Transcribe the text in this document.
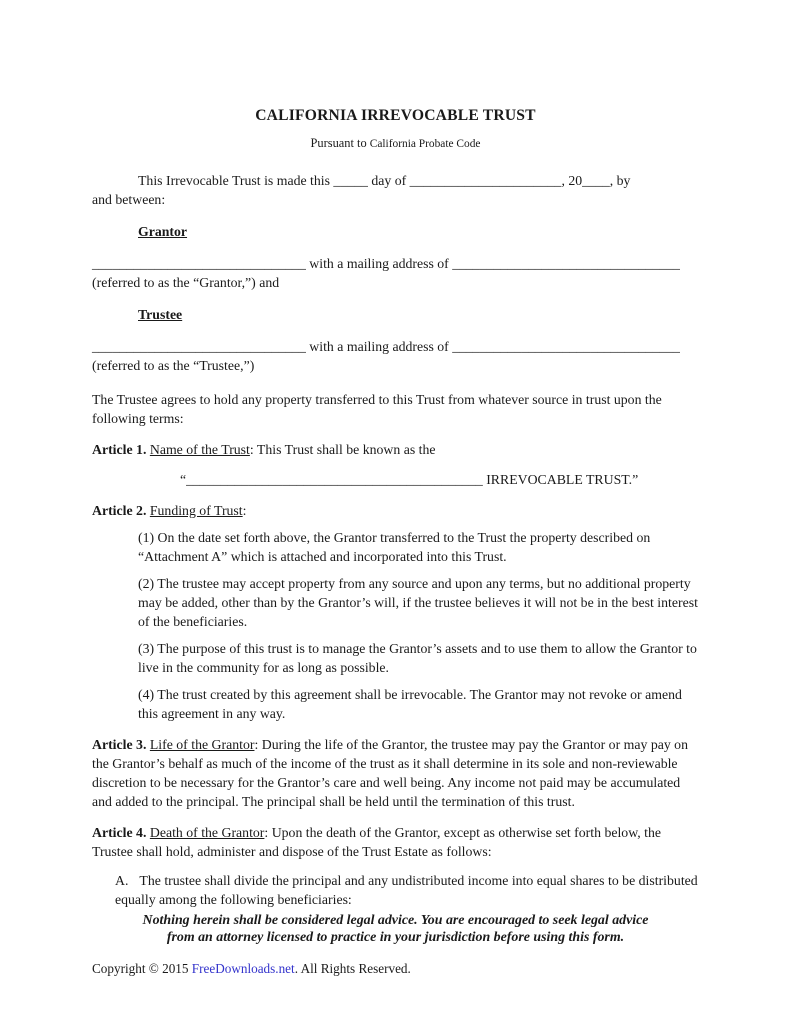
CALIFORNIA IRREVOCABLE TRUST
Pursuant to California Probate Code

This Irrevocable Trust is made this _____ day of ______________________, 20____, by
and between:

Grantor

_______________________________ with a mailing address of _________________________________
(referred to as the “Grantor,”) and

Trustee

_______________________________ with a mailing address of _________________________________
(referred to as the “Trustee,”)

The Trustee agrees to hold any property transferred to this Trust from whatever source in trust upon the following terms:

Article 1. Name of the Trust: This Trust shall be known as the

“___________________________________________ IRREVOCABLE TRUST.”

Article 2. Funding of Trust:

(1) On the date set forth above, the Grantor transferred to the Trust the property described on “Attachment A” which is attached and incorporated into this Trust.

(2) The trustee may accept property from any source and upon any terms, but no additional property may be added, other than by the Grantor’s will, if the trustee believes it will not be in the best interest of the beneficiaries.

(3) The purpose of this trust is to manage the Grantor’s assets and to use them to allow the Grantor to live in the community for as long as possible.

(4) The trust created by this agreement shall be irrevocable. The Grantor may not revoke or amend this agreement in any way.

Article 3. Life of the Grantor: During the life of the Grantor, the trustee may pay the Grantor or may pay on the Grantor’s behalf as much of the income of the trust as it shall determine in its sole and non-reviewable discretion to be necessary for the Grantor’s care and well being. Any income not paid may be accumulated and added to the principal. The principal shall be held until the termination of this trust.

Article 4. Death of the Grantor: Upon the death of the Grantor, except as otherwise set forth below, the Trustee shall hold, administer and dispose of the Trust Estate as follows:

A. The trustee shall divide the principal and any undistributed income into equal shares to be distributed equally among the following beneficiaries:

Nothing herein shall be considered legal advice. You are encouraged to seek legal advice
from an attorney licensed to practice in your jurisdiction before using this form.
Copyright © 2015 FreeDownloads.net. All Rights Reserved.
